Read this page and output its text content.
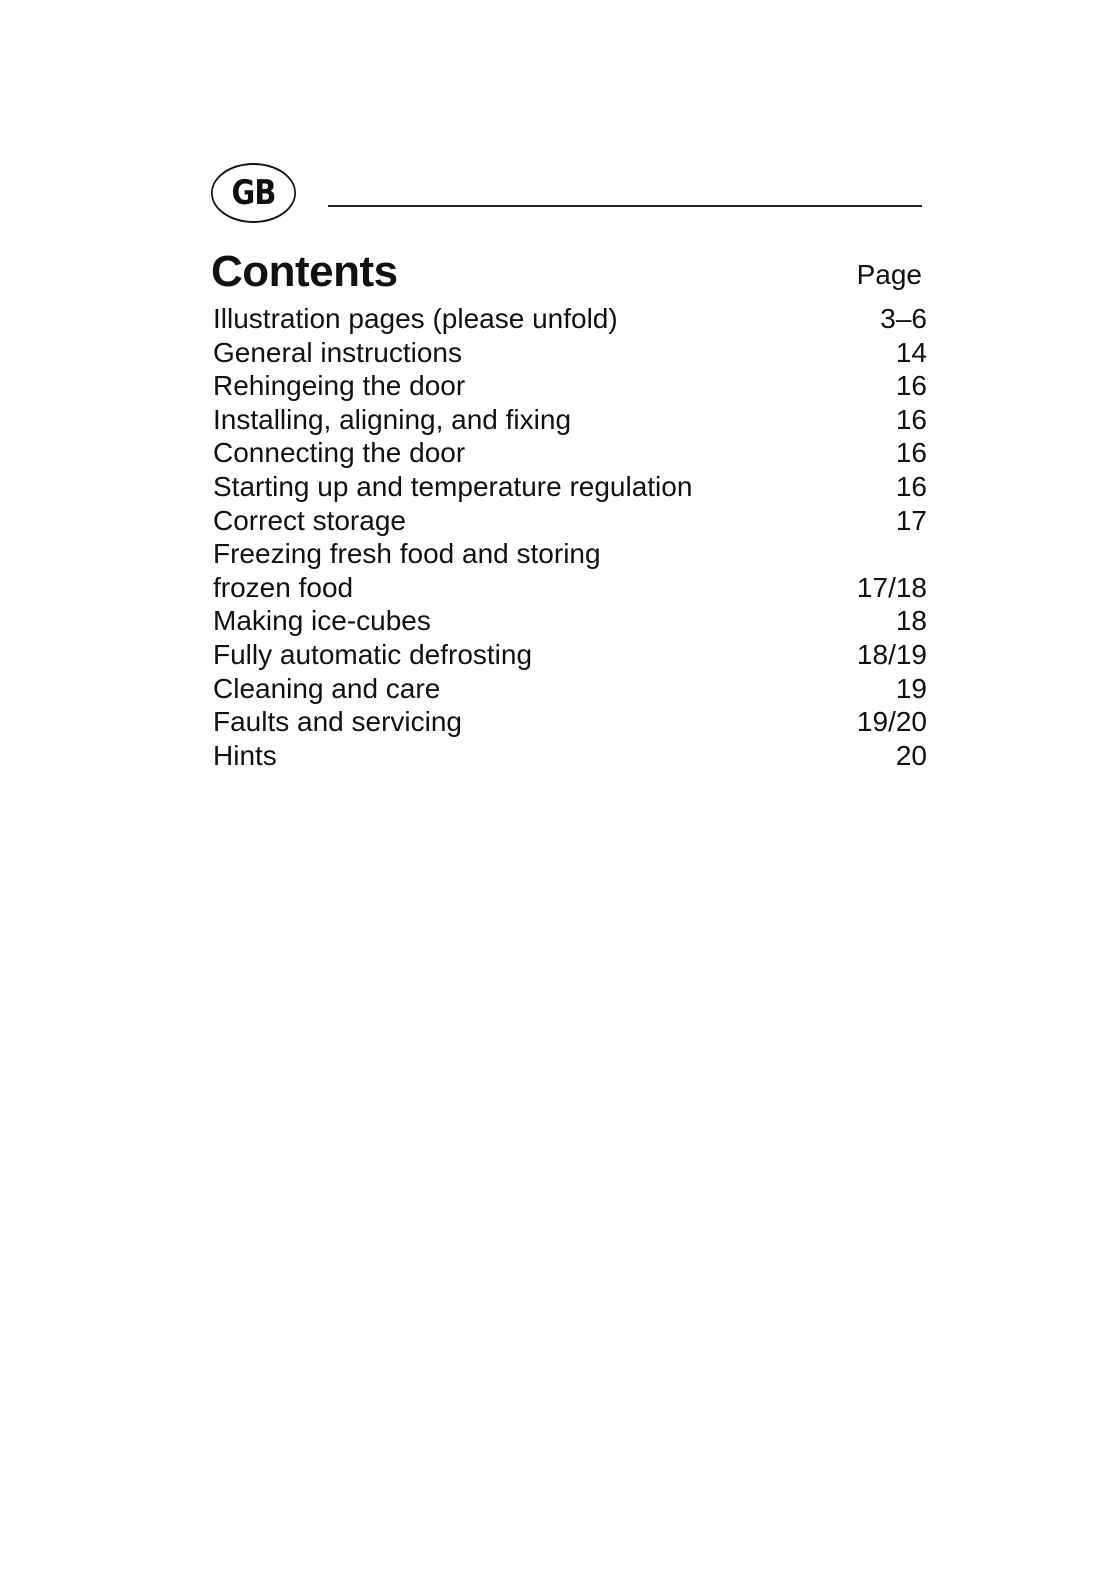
GB
Contents	Page
Illustration pages (please unfold)	3–6
General instructions	14
Rehingeing the door	16
Installing, aligning, and fixing	16
Connecting the door	16
Starting up and temperature regulation	16
Correct storage	17
Freezing fresh food and storing
frozen food	17/18
Making ice-cubes	18
Fully automatic defrosting	18/19
Cleaning and care	19
Faults and servicing	19/20
Hints	20
